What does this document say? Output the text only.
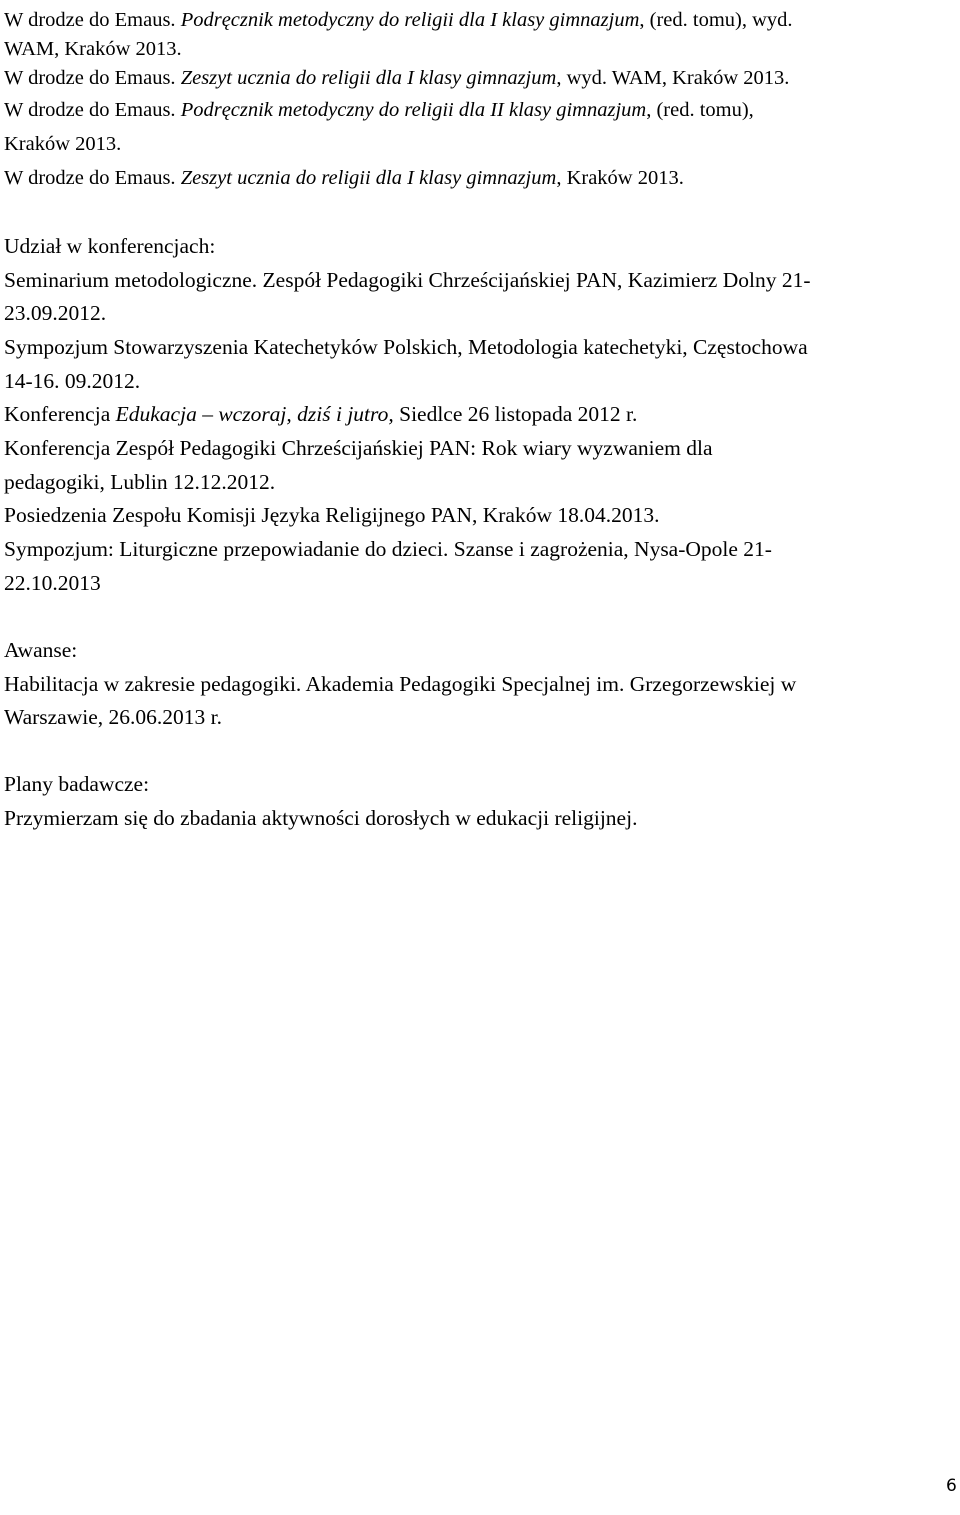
W drodze do Emaus. Podręcznik metodyczny do religii dla I klasy gimnazjum, (red. tomu), wyd.
WAM, Kraków 2013.
W drodze do Emaus. Zeszyt ucznia do religii dla I klasy gimnazjum, wyd. WAM, Kraków 2013.
W drodze do Emaus. Podręcznik metodyczny do religii dla II klasy gimnazjum, (red. tomu),
Kraków 2013.
W drodze do Emaus. Zeszyt ucznia do religii dla I klasy gimnazjum, Kraków 2013.
Udział w konferencjach:
Seminarium metodologiczne. Zespół Pedagogiki Chrześcijańskiej PAN, Kazimierz Dolny 21-
23.09.2012.
Sympozjum Stowarzyszenia Katechetyków Polskich, Metodologia katechetyki, Częstochowa
14-16. 09.2012.
Konferencja Edukacja – wczoraj, dziś i jutro, Siedlce 26 listopada 2012 r.
Konferencja Zespół Pedagogiki Chrześcijańskiej PAN: Rok wiary wyzwaniem dla
pedagogiki, Lublin 12.12.2012.
Posiedzenia Zespołu Komisji Języka Religijnego PAN, Kraków 18.04.2013.
Sympozjum: Liturgiczne przepowiadanie do dzieci. Szanse i zagrożenia, Nysa-Opole 21-
22.10.2013
Awanse:
Habilitacja w zakresie pedagogiki. Akademia Pedagogiki Specjalnej im. Grzegorzewskiej w
Warszawie, 26.06.2013 r.
Plany badawcze:
Przymierzam się do zbadania aktywności dorosłych w edukacji religijnej.
6
